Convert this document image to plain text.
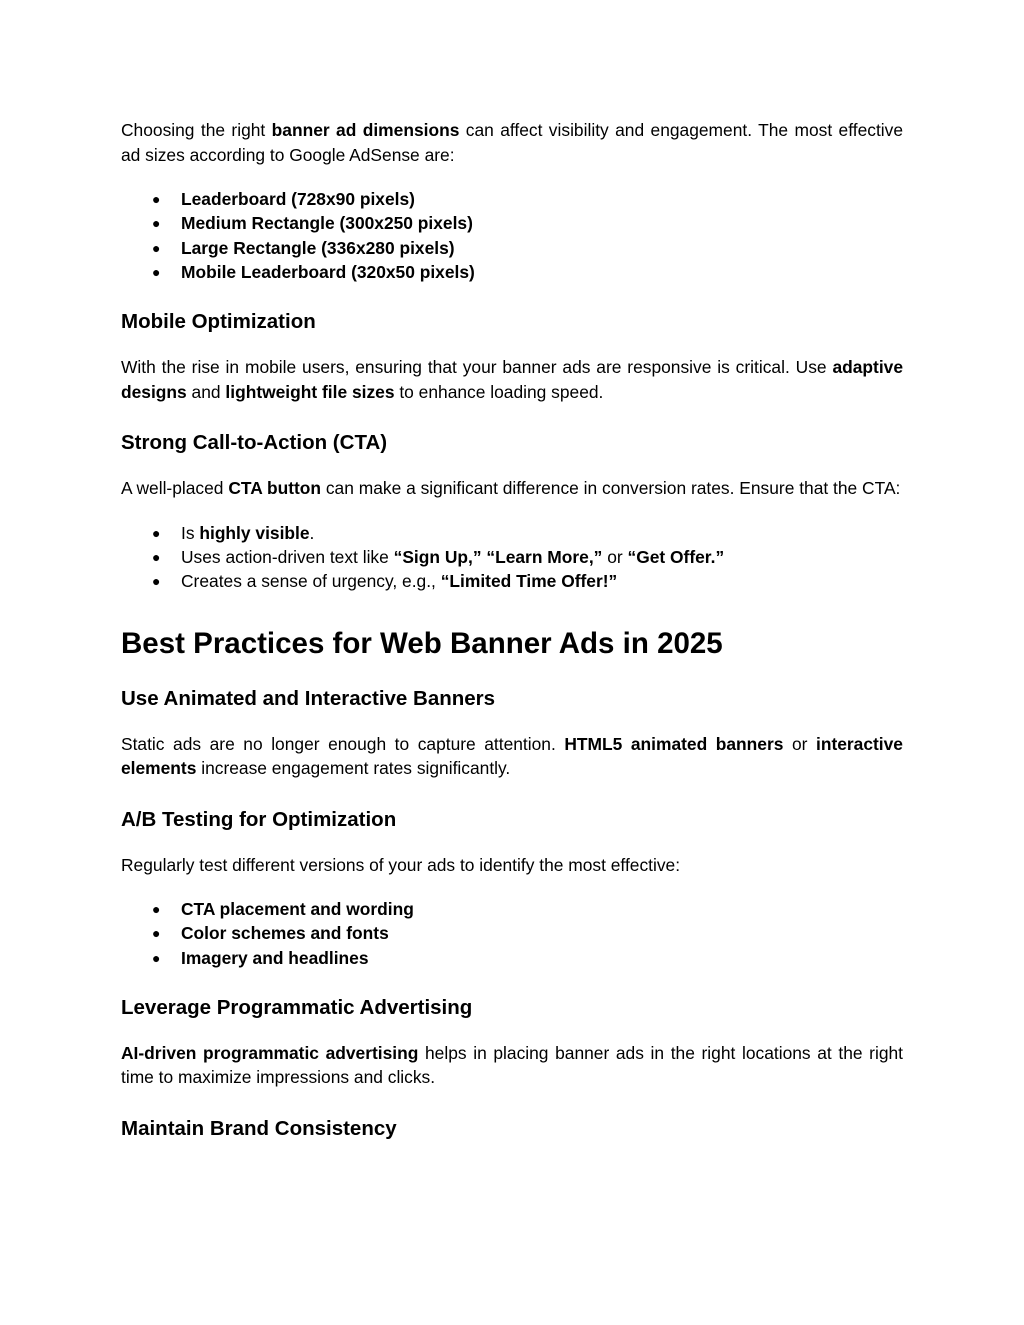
Choosing the right banner ad dimensions can affect visibility and engagement. The most effective ad sizes according to Google AdSense are:

● Leaderboard (728x90 pixels)
● Medium Rectangle (300x250 pixels)
● Large Rectangle (336x280 pixels)
● Mobile Leaderboard (320x50 pixels)
Mobile Optimization

With the rise in mobile users, ensuring that your banner ads are responsive is critical. Use adaptive designs and lightweight file sizes to enhance loading speed.

Strong Call-to-Action (CTA)

A well-placed CTA button can make a significant difference in conversion rates. Ensure that the CTA:

● Is highly visible.
● Uses action-driven text like “Sign Up,” “Learn More,” or “Get Offer.”
● Creates a sense of urgency, e.g., “Limited Time Offer!”
Best Practices for Web Banner Ads in 2025
Use Animated and Interactive Banners

Static ads are no longer enough to capture attention. HTML5 animated banners or interactive elements increase engagement rates significantly.

A/B Testing for Optimization

Regularly test different versions of your ads to identify the most effective:

● CTA placement and wording
● Color schemes and fonts
● Imagery and headlines
Leverage Programmatic Advertising

AI-driven programmatic advertising helps in placing banner ads in the right locations at the right time to maximize impressions and clicks.

Maintain Brand Consistency
